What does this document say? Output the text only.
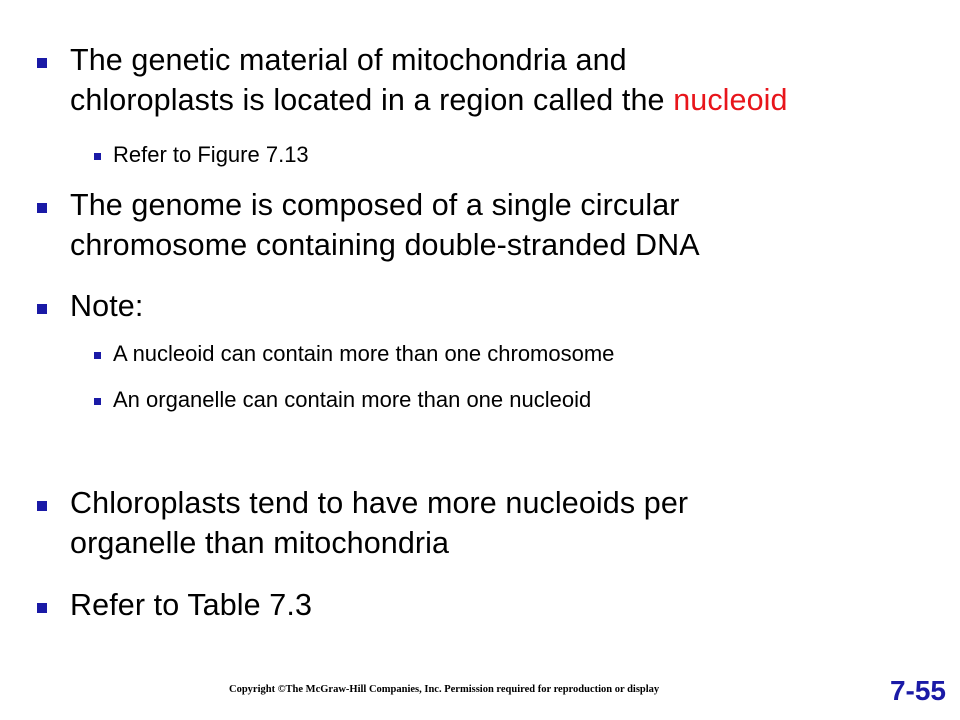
The genetic material of mitochondria and
chloroplasts is located in a region called the nucleoid
Refer to Figure 7.13
The genome is composed of a single circular
chromosome containing double-stranded DNA
Note:
A nucleoid can contain more than one chromosome
An organelle can contain more than one nucleoid
Chloroplasts tend to have more nucleoids per
organelle than mitochondria
Refer to Table 7.3
Copyright ©The McGraw-Hill Companies, Inc. Permission required for reproduction or display	7-55
